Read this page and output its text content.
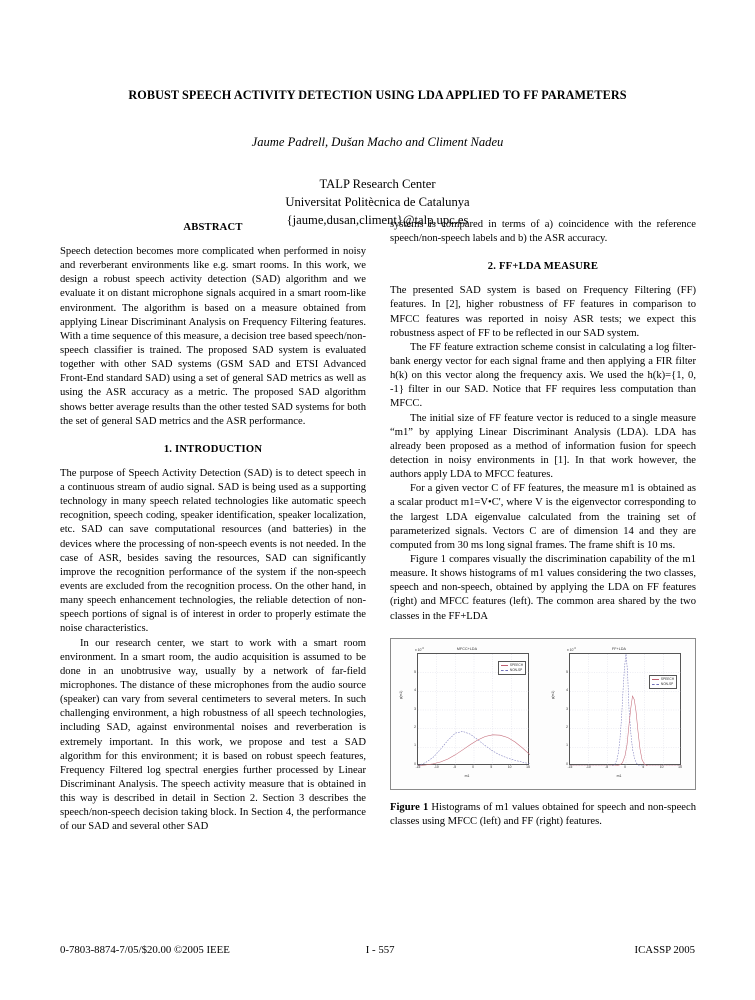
ROBUST SPEECH ACTIVITY DETECTION USING LDA APPLIED TO FF PARAMETERS
Jaume Padrell, Dušan Macho and Climent Nadeu
TALP Research Center
Universitat Politècnica de Catalunya
{jaume,dusan,climent}@talp.upc.es
ABSTRACT

Speech detection becomes more complicated when performed in noisy and reverberant environments like e.g. smart rooms. In this work, we design a robust speech activity detection (SAD) algorithm and we evaluate it on distant microphone signals acquired in a smart room-like environment. The algorithm is based on a measure obtained from applying Linear Discriminant Analysis on Frequency Filtering features. With a time sequence of this measure, a decision tree based speech/non-speech classifier is trained. The proposed SAD system is evaluated together with other SAD systems (GSM SAD and ETSI Advanced Front-End standard SAD) using a set of general SAD metrics as well as using the ASR accuracy as a metric. The proposed SAD algorithm shows better average results than the other tested SAD systems for both the set of general SAD metrics and the ASR performance.

1. INTRODUCTION

The purpose of Speech Activity Detection (SAD) is to detect speech in a continuous stream of audio signal. SAD is being used as a supporting technology in many speech related technologies like automatic speech recognition, speech coding, speaker identification, speaker localization, etc. SAD can save computational resources (and batteries) in the devices where the processing of non-speech events is not needed. In the case of ASR, besides saving the resources, SAD can significantly improve the recognition performance of the system if the non-speech events are excluded from the recognition process. On the other hand, in many speech enhancement technologies, the reliable detection of non-speech portions of signal is of interest in order to properly estimate the noise characteristics.

In our research center, we start to work with a smart room environment. In a smart room, the audio acquisition is assumed to be done in an unobtrusive way, usually by a network of far-field microphones. The distance of these microphones from the audio source (speaker) can vary from several centimeters to several meters. In such challenging environment, a high robustness of all speech technologies, including SAD, against environmental noises and reverberation is extremely important. In this work, we propose and test a SAD algorithm for this environment; it is based on robust speech features, Frequency Filtered log spectral energies further processed by Linear Discriminant Analysis. The speech activity measure that is obtained in this way is described in detail in Section 2. Section 3 describes the speech/non-speech decision taking block. In Section 4, the performance of our SAD and several other SAD

systems is compared in terms of a) coincidence with the reference speech/non-speech labels and b) the ASR accuracy.

2. FF+LDA MEASURE

The presented SAD system is based on Frequency Filtering (FF) features. In [2], higher robustness of FF features in comparison to MFCC features was reported in noisy ASR tests; we expect this robustness aspect of FF to be reflected in our SAD system.

The FF feature extraction scheme consist in calculating a log filter-bank energy vector for each signal frame and then applying a FIR filter h(k) on this vector along the frequency axis. We used the h(k)={1, 0, -1} filter in our SAD. Notice that FF requires less computation than MFCC.

The initial size of FF feature vector is reduced to a single measure “m1” by applying Linear Discriminant Analysis (LDA). LDA has already been proposed as a method of information fusion for speech detection in noisy environments in [1]. In that work however, the authors apply LDA to MFCC features.

For a given vector C of FF features, the measure m1 is obtained as a scalar product m1=V•C', where V is the eigenvector corresponding to the largest LDA eigenvalue calculated from the training set of parameterized signals. Vectors C are of dimension 14 and they are computed from 30 ms long signal frames. The frame shift is 10 ms.

Figure 1 compares visually the discrimination capability of the m1 measure. It shows histograms of m1 values considering the two classes, speech and non-speech, obtained by applying the LDA on FF features (right) and MFCC features (left). The common area shared by the two classes in the FF+LDA

x $10^{-3}$	MFCC+LDA
p(m1)
0
1
2
3
4
5
-15	-10	-5	0	5	10	15
SPEECH
NON-SP
m1
x $10^{-3}$	FF+LDA
p(m1)
0
1
2
3
4
5
-15	-10	-5	0	5	10	15
SPEECH
NON-SP
m1
Figure 1 Histograms of m1 values obtained for speech and non-speech classes using MFCC (left) and FF (right) features.
0-7803-8874-7/05/$20.00 ©2005 IEEE	I - 557	ICASSP 2005
